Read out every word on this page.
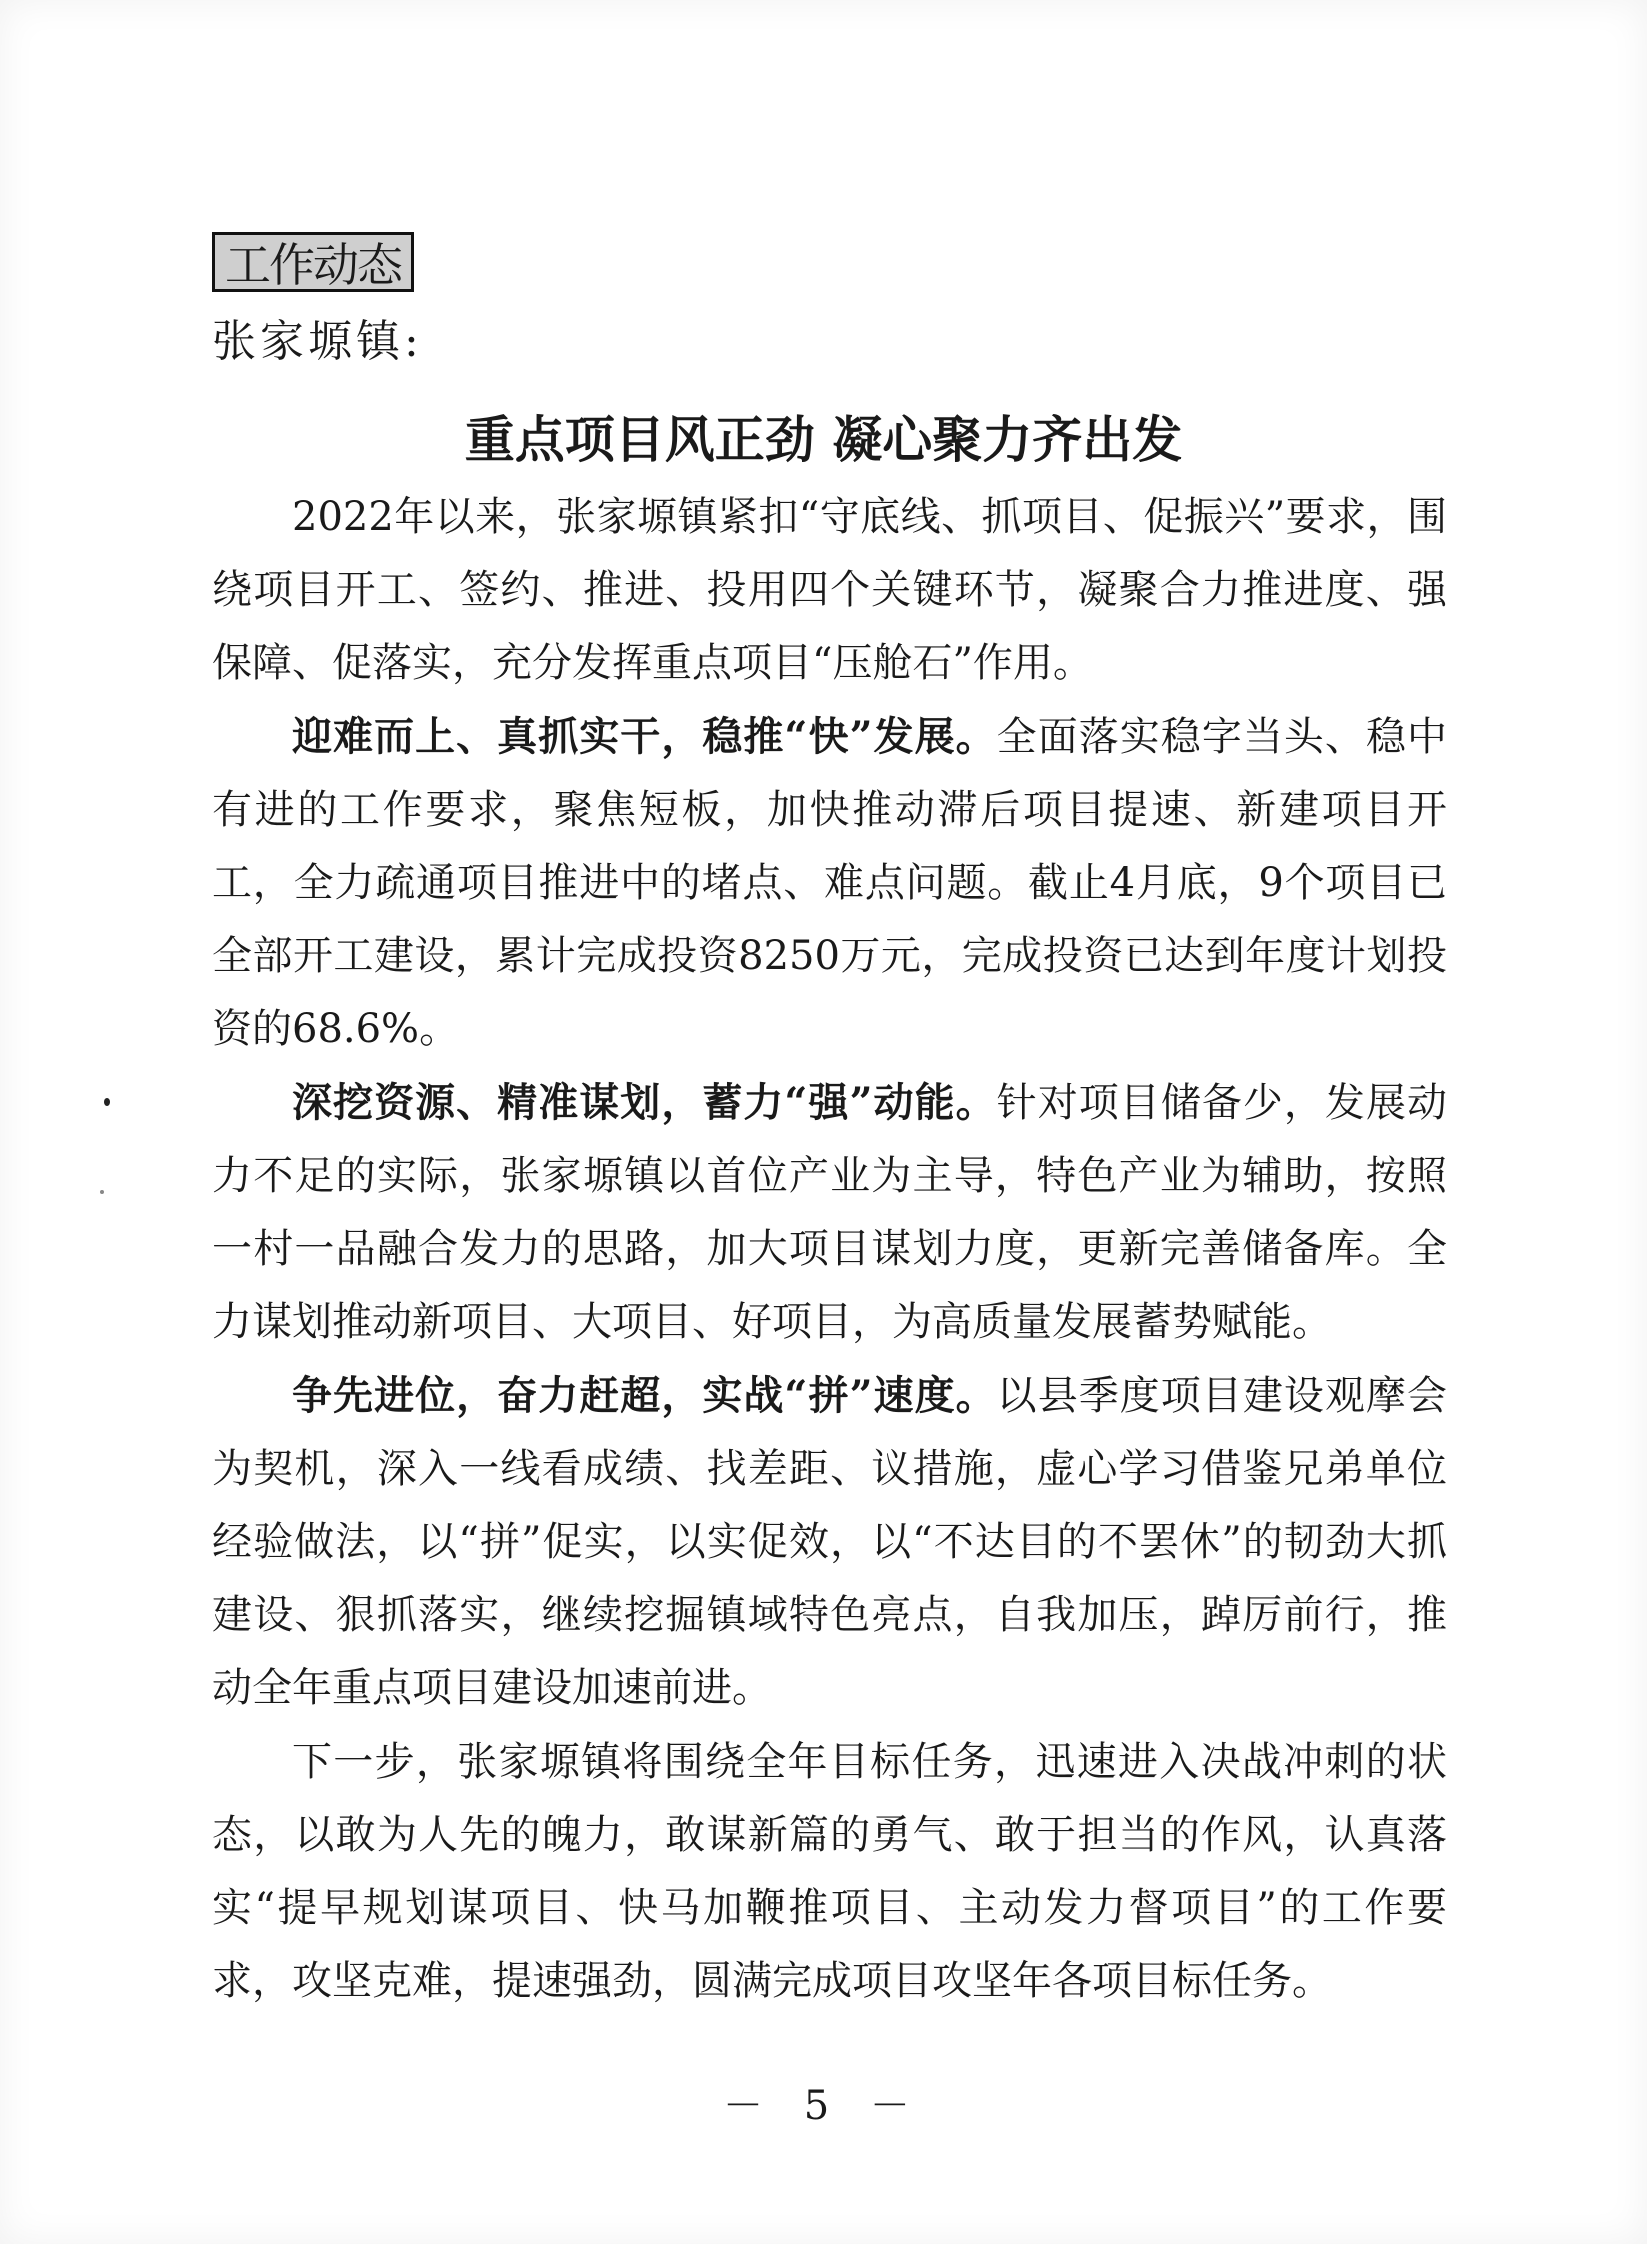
工作动态
张家塬镇:
重点项目风正劲 凝心聚力齐出发

2022年以来，张家塬镇紧扣“守底线、抓项目、促振兴”要求，围绕项目开工、签约、推进、投用四个关键环节，凝聚合力推进度、强保障、促落实，充分发挥重点项目“压舱石”作用。

迎难而上、真抓实干，稳推“快”发展。全面落实稳字当头、稳中有进的工作要求，聚焦短板，加快推动滞后项目提速、新建项目开工，全力疏通项目推进中的堵点、难点问题。截止4月底，9个项目已全部开工建设，累计完成投资8250万元，完成投资已达到年度计划投资的68.6%。

深挖资源、精准谋划，蓄力“强”动能。针对项目储备少，发展动力不足的实际，张家塬镇以首位产业为主导，特色产业为辅助，按照一村一品融合发力的思路，加大项目谋划力度，更新完善储备库。全力谋划推动新项目、大项目、好项目，为高质量发展蓄势赋能。

争先进位，奋力赶超，实战“拼”速度。以县季度项目建设观摩会为契机，深入一线看成绩、找差距、议措施，虚心学习借鉴兄弟单位经验做法，以“拼”促实，以实促效，以“不达目的不罢休”的韧劲大抓建设、狠抓落实，继续挖掘镇域特色亮点，自我加压，踔厉前行，推动全年重点项目建设加速前进。

下一步，张家塬镇将围绕全年目标任务，迅速进入决战冲刺的状态，以敢为人先的魄力，敢谋新篇的勇气、敢于担当的作风，认真落实“提早规划谋项目、快马加鞭推项目、主动发力督项目”的工作要求，攻坚克难，提速强劲，圆满完成项目攻坚年各项目标任务。

－ 5 －
